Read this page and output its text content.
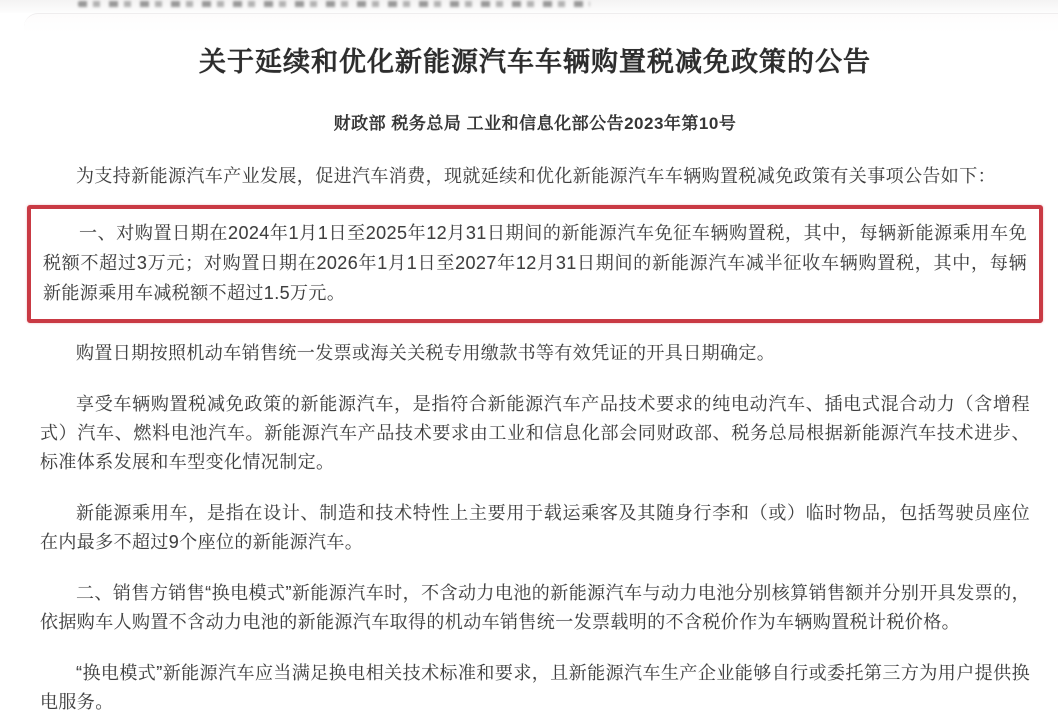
关于延续和优化新能源汽车车辆购置税减免政策的公告
财政部 税务总局 工业和信息化部公告2023年第10号

为支持新能源汽车产业发展，促进汽车消费，现就延续和优化新能源汽车车辆购置税减免政策有关事项公告如下：

一、对购置日期在2024年1月1日至2025年12月31日期间的新能源汽车免征车辆购置税，其中，每辆新能源乘用车免税额不超过3万元；对购置日期在2026年1月1日至2027年12月31日期间的新能源汽车减半征收车辆购置税，其中，每辆新能源乘用车减税额不超过1.5万元。

购置日期按照机动车销售统一发票或海关关税专用缴款书等有效凭证的开具日期确定。

享受车辆购置税减免政策的新能源汽车，是指符合新能源汽车产品技术要求的纯电动汽车、插电式混合动力（含增程式）汽车、燃料电池汽车。新能源汽车产品技术要求由工业和信息化部会同财政部、税务总局根据新能源汽车技术进步、标准体系发展和车型变化情况制定。

新能源乘用车，是指在设计、制造和技术特性上主要用于载运乘客及其随身行李和（或）临时物品，包括驾驶员座位在内最多不超过9个座位的新能源汽车。

二、销售方销售“换电模式”新能源汽车时，不含动力电池的新能源汽车与动力电池分别核算销售额并分别开具发票的，依据购车人购置不含动力电池的新能源汽车取得的机动车销售统一发票载明的不含税价作为车辆购置税计税价格。

“换电模式”新能源汽车应当满足换电相关技术标准和要求，且新能源汽车生产企业能够自行或委托第三方为用户提供换电服务。
